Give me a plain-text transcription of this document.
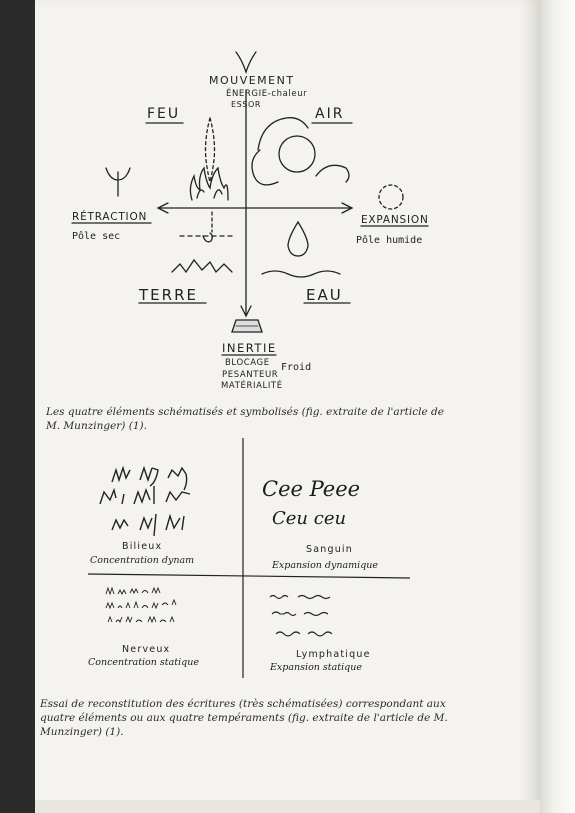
MOUVEMENT
ÉNERGIE-chaleur
ESSOR
FEU	AIR
RÉTRACTION
Pôle sec
EXPANSION
Pôle humide
TERRE	EAU
INERTIE
BLOCAGE Froid
PESANTEUR
MATÉRIALITÉ
Bilieux
Concentration dynam
Cee Peee
Ceu ceu
Sanguin
Expansion dynamique
Nerveux
Concentration statique
Lymphatique
Expansion statique
Les quatre éléments schématisés et symbolisés (fig. extraite de l'article de M. Munzinger) (1).
Essai de reconstitution des écritures (très schématisées) correspondant aux quatre éléments ou aux quatre tempéraments (fig. extraite de l'article de M. Munzinger) (1).
